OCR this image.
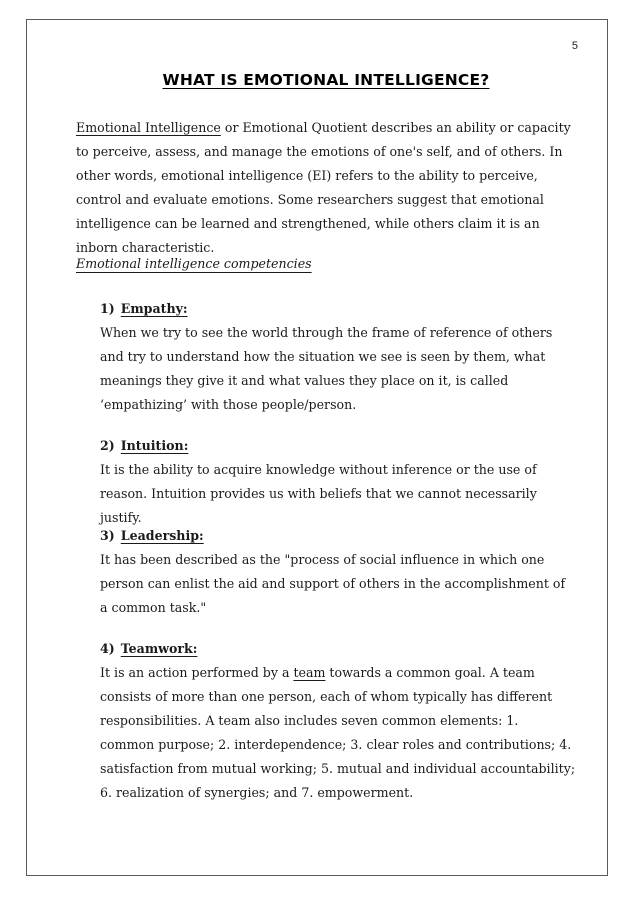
5
WHAT IS EMOTIONAL INTELLIGENCE?

Emotional Intelligence or Emotional Quotient describes an ability or capacity to perceive, assess, and manage the emotions of one's self, and of others. In other words, emotional intelligence (EI) refers to the ability to perceive, control and evaluate emotions. Some researchers suggest that emotional intelligence can be learned and strengthened, while others claim it is an inborn characteristic.

Emotional intelligence competencies

1) Empathy:

When we try to see the world through the frame of reference of others and try to understand how the situation we see is seen by them, what meanings they give it and what values they place on it, is called ‘empathizing’ with those people/person.

2) Intuition:

It is the ability to acquire knowledge without inference or the use of reason. Intuition provides us with beliefs that we cannot necessarily justify.

3) Leadership:

It has been described as the "process of social influence in which one person can enlist the aid and support of others in the accomplishment of a common task."

4) Teamwork:

It is an action performed by a team towards a common goal. A team consists of more than one person, each of whom typically has different responsibilities. A team also includes seven common elements: 1. common purpose; 2. interdependence; 3. clear roles and contributions; 4. satisfaction from mutual working; 5. mutual and individual accountability; 6. realization of synergies; and 7. empowerment.
